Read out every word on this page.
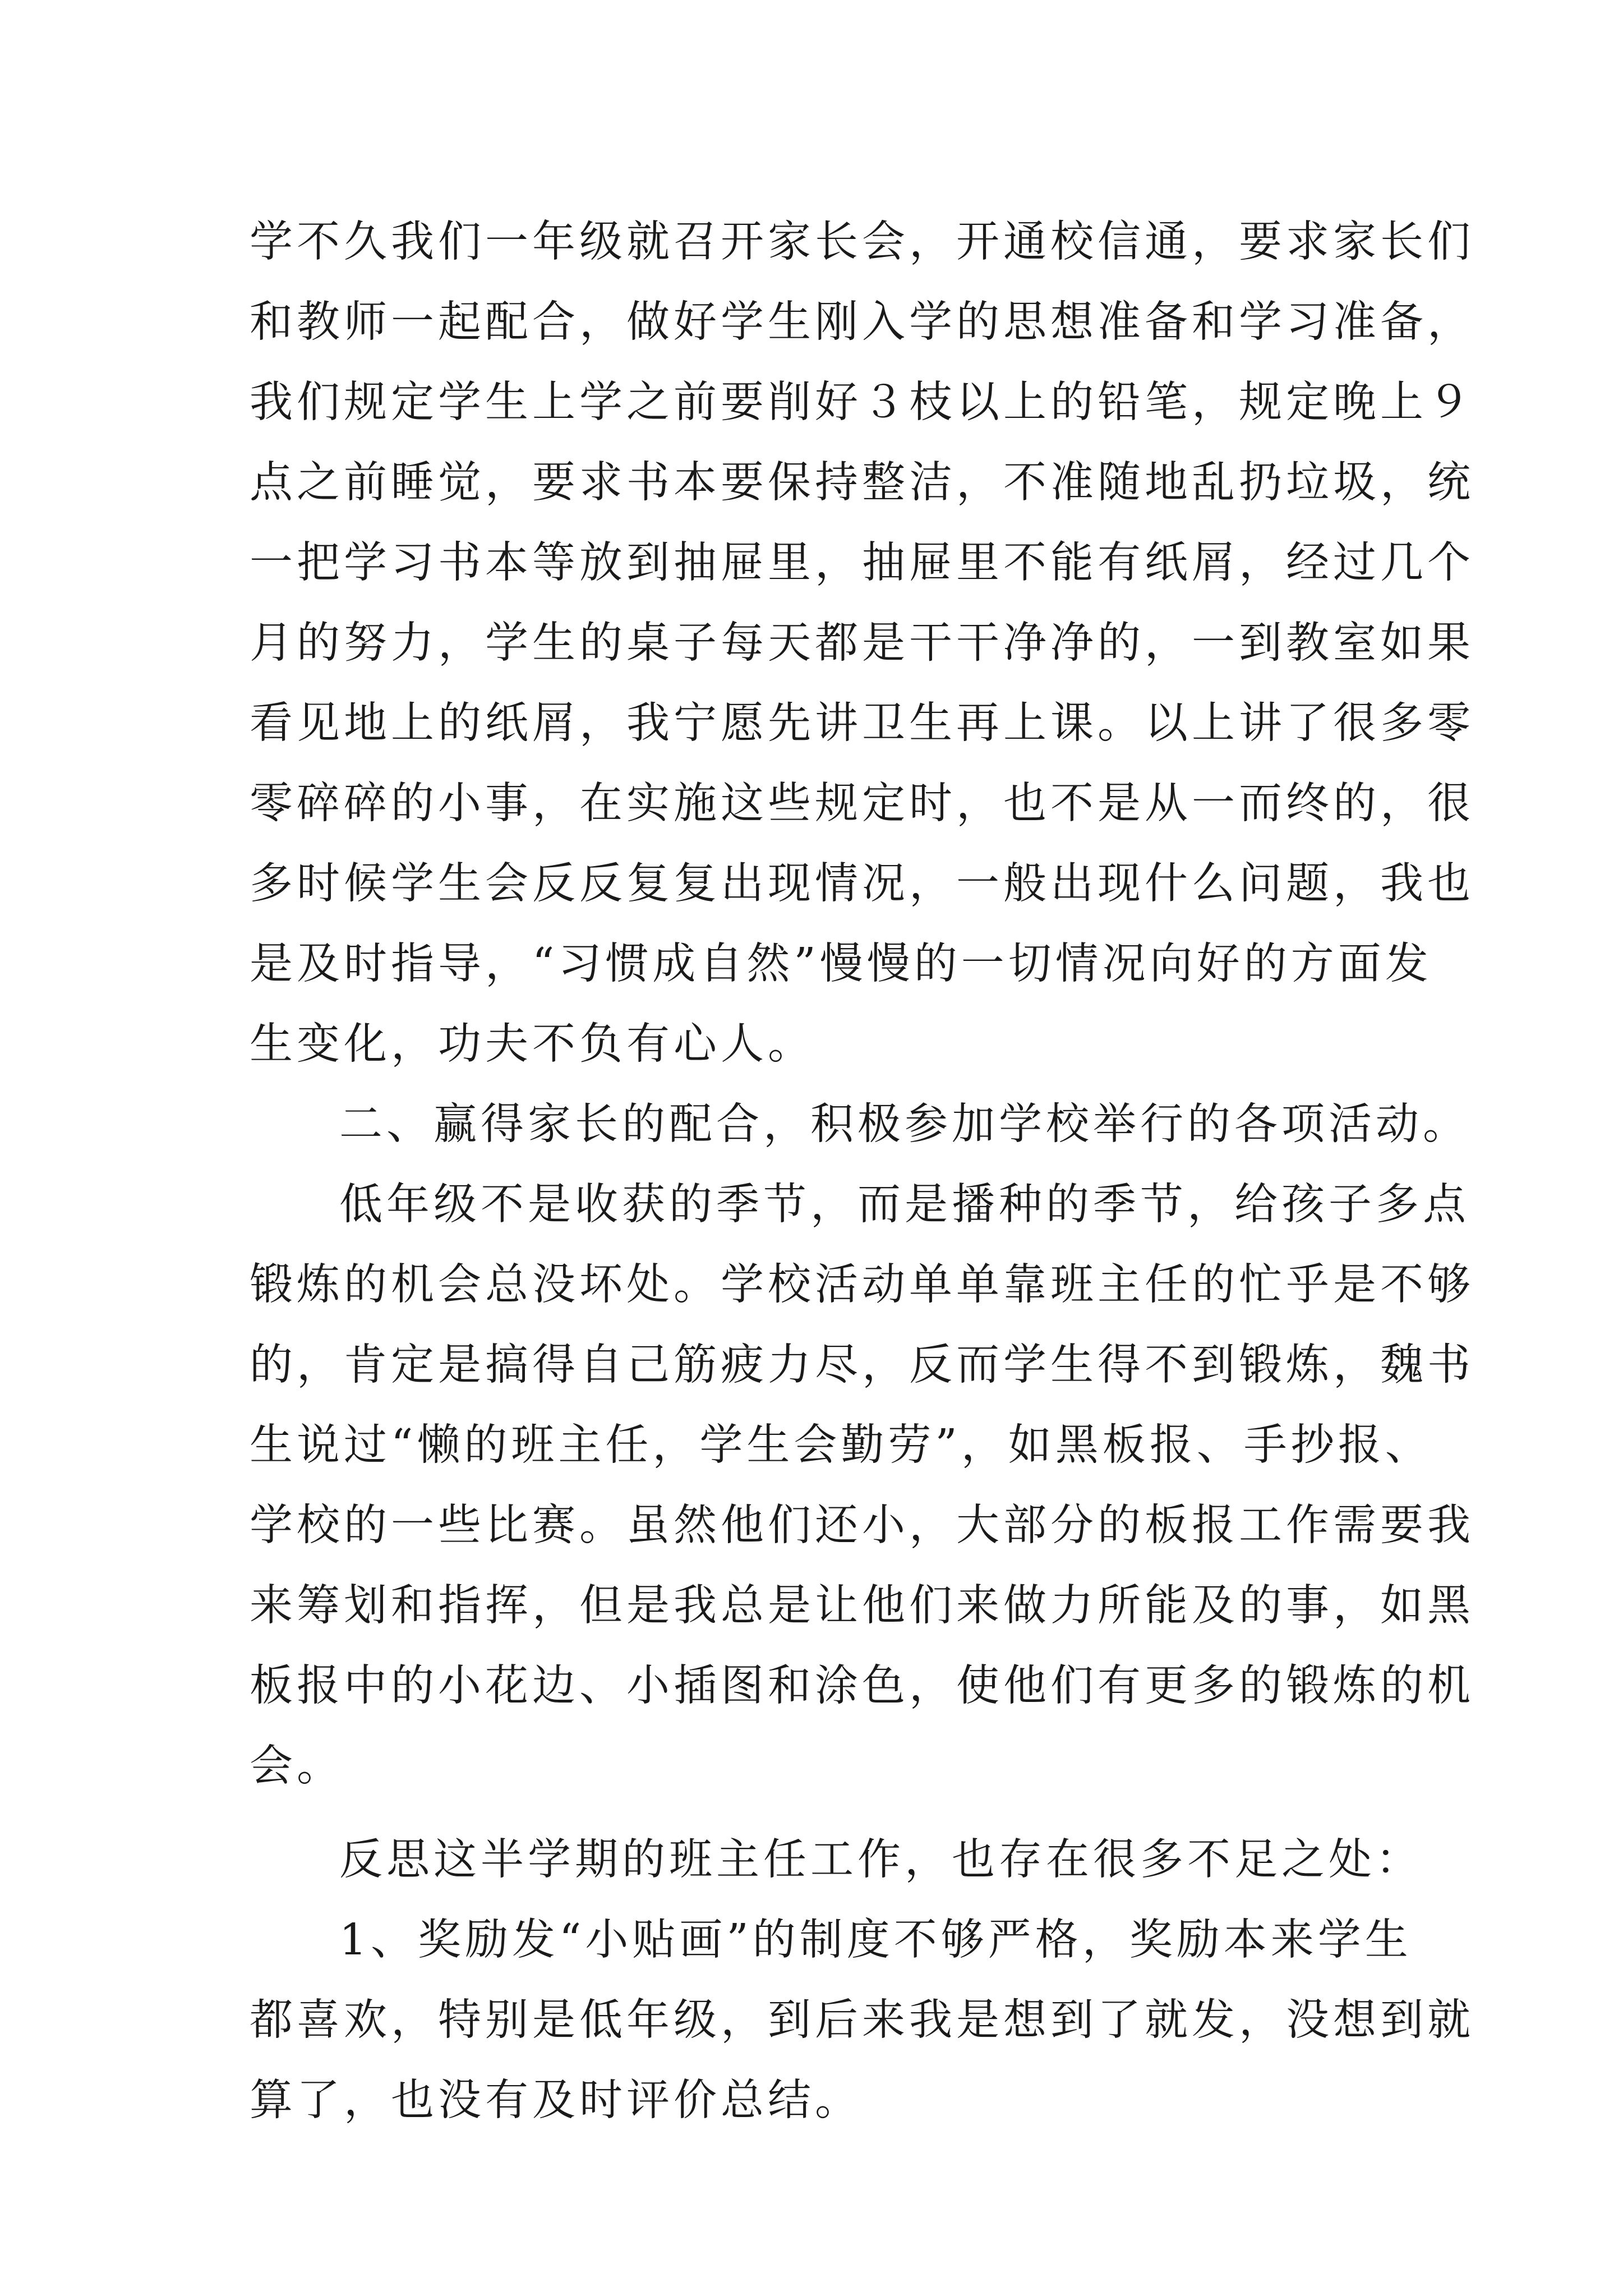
学不久我们一年级就召开家长会，开通校信通，要求家长们
和教师一起配合，做好学生刚入学的思想准备和学习准备，
我们规定学生上学之前要削好３枝以上的铅笔，规定晚上９
点之前睡觉，要求书本要保持整洁，不准随地乱扔垃圾，统
一把学习书本等放到抽屉里，抽屉里不能有纸屑，经过几个
月的努力，学生的桌子每天都是干干净净的，一到教室如果
看见地上的纸屑，我宁愿先讲卫生再上课。以上讲了很多零
零碎碎的小事，在实施这些规定时，也不是从一而终的，很
多时候学生会反反复复出现情况，一般出现什么问题，我也
是及时指导，“习惯成自然”慢慢的一切情况向好的方面发
生变化，功夫不负有心人。
二、赢得家长的配合，积极参加学校举行的各项活动。
低年级不是收获的季节，而是播种的季节，给孩子多点
锻炼的机会总没坏处。学校活动单单靠班主任的忙乎是不够
的，肯定是搞得自己筋疲力尽，反而学生得不到锻炼，魏书
生说过“懒的班主任，学生会勤劳”，如黑板报、手抄报、
学校的一些比赛。虽然他们还小，大部分的板报工作需要我
来筹划和指挥，但是我总是让他们来做力所能及的事，如黑
板报中的小花边、小插图和涂色，使他们有更多的锻炼的机
会。
反思这半学期的班主任工作，也存在很多不足之处：
1、奖励发“小贴画”的制度不够严格，奖励本来学生
都喜欢，特别是低年级，到后来我是想到了就发，没想到就
算了，也没有及时评价总结。
